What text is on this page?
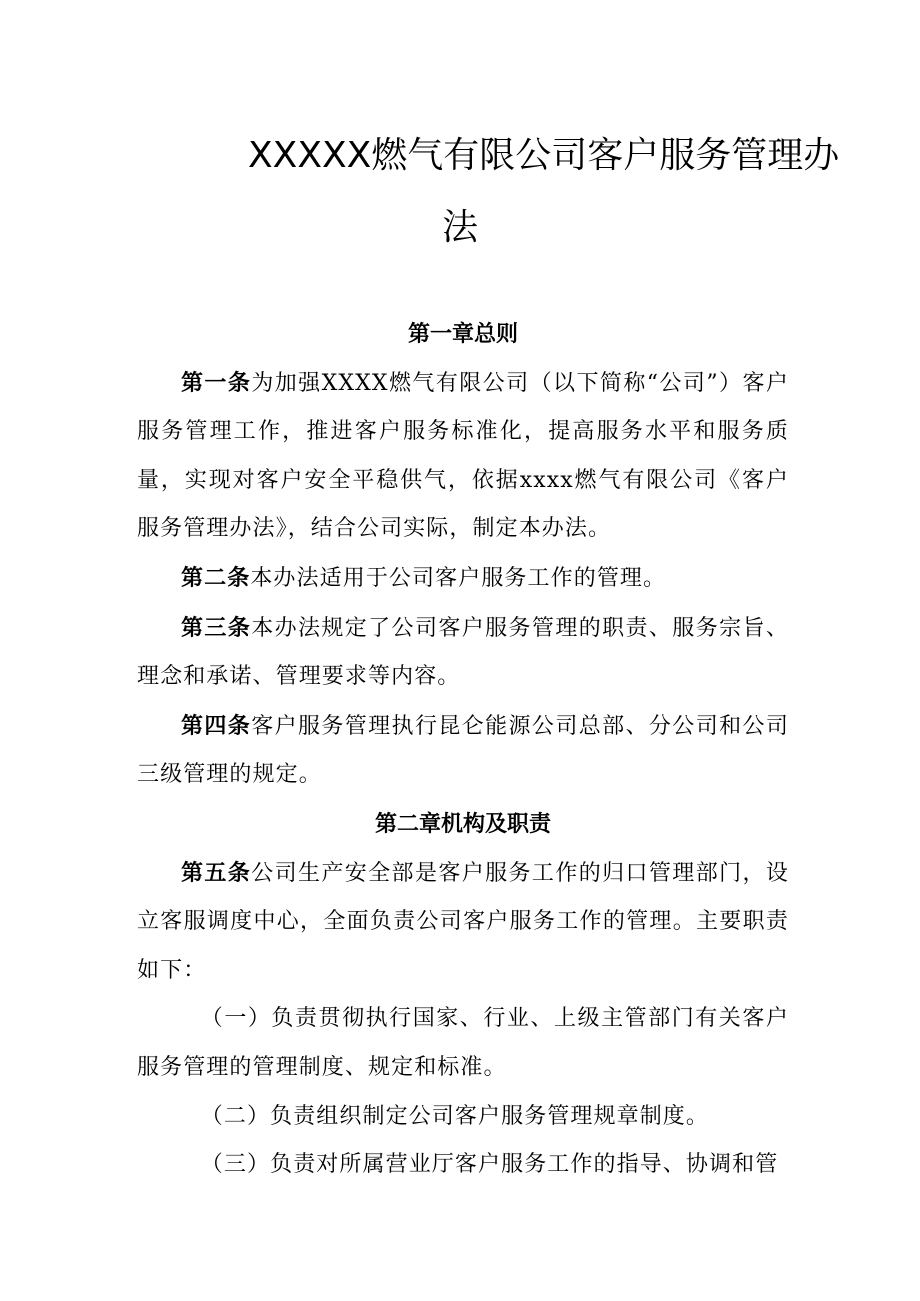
XXXXX燃气有限公司客户服务管理办
法

第一章总则

第一条为加强XXXX燃气有限公司（以下简称“公司”）客户服务管理工作，推进客户服务标准化，提高服务水平和服务质量，实现对客户安全平稳供气，依据xxxx燃气有限公司《客户服务管理办法》，结合公司实际，制定本办法。

第二条本办法适用于公司客户服务工作的管理。

第三条本办法规定了公司客户服务管理的职责、服务宗旨、理念和承诺、管理要求等内容。

第四条客户服务管理执行昆仑能源公司总部、分公司和公司三级管理的规定。

第二章机构及职责

第五条公司生产安全部是客户服务工作的归口管理部门，设立客服调度中心，全面负责公司客户服务工作的管理。主要职责如下：

（一）负责贯彻执行国家、行业、上级主管部门有关客户服务管理的管理制度、规定和标准。

（二）负责组织制定公司客户服务管理规章制度。

（三）负责对所属营业厅客户服务工作的指导、协调和管
